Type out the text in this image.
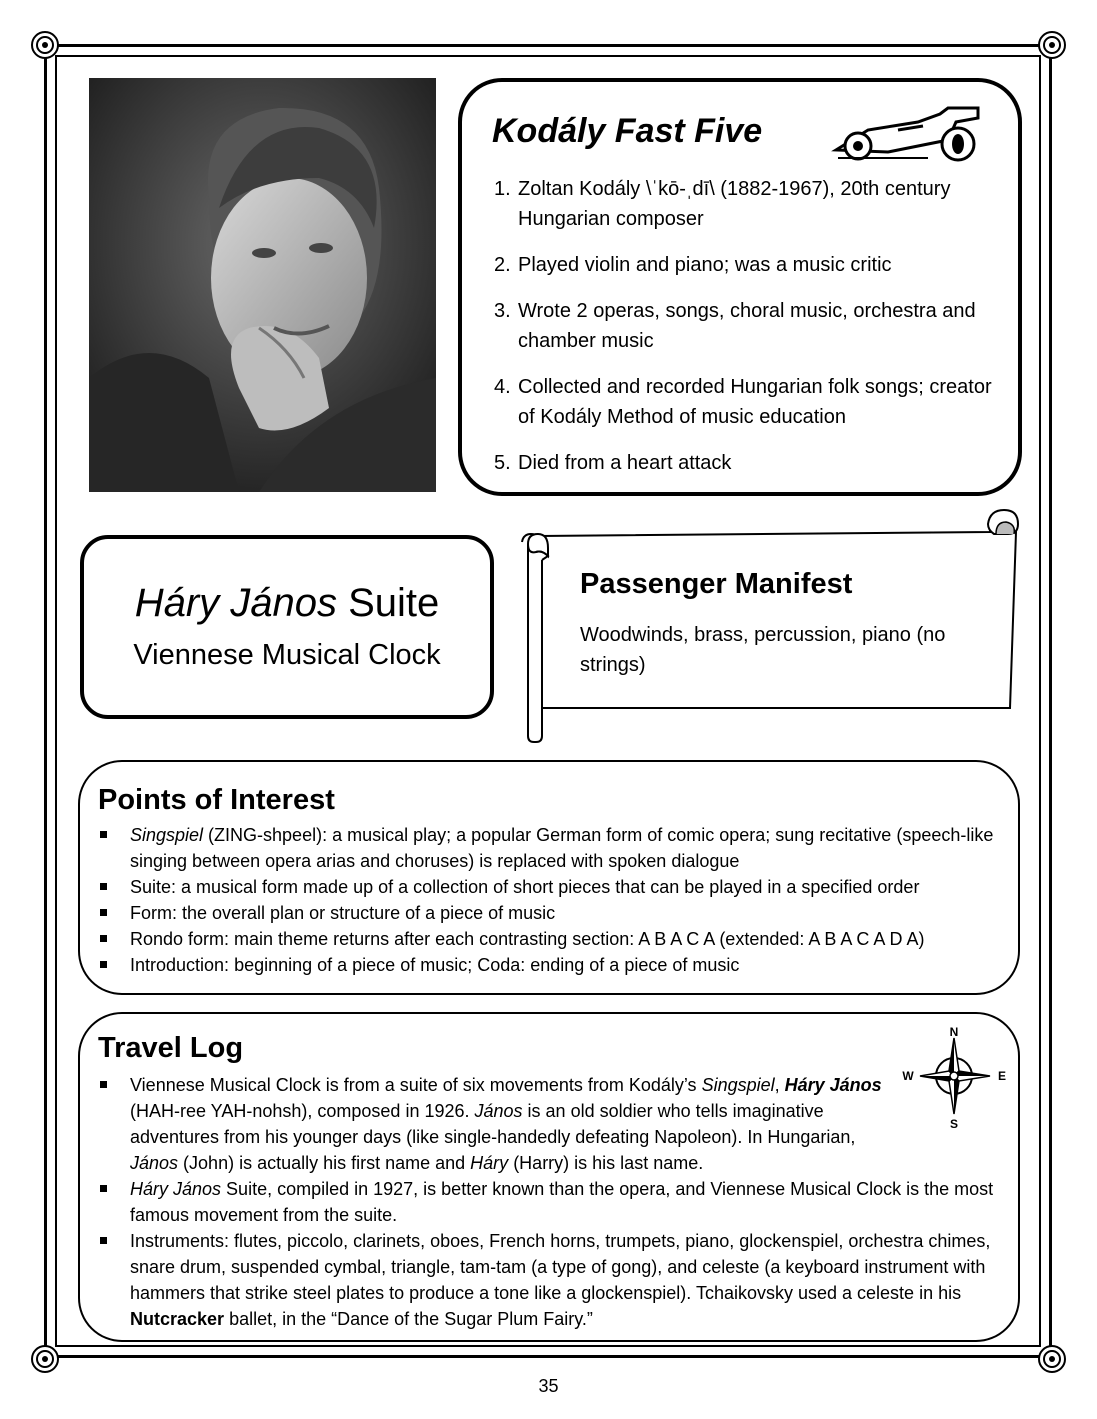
Kodály Fast Five
1. Zoltan Kodály \ˈkō-ˌdī\ (1882-1967), 20th century Hungarian composer
2. Played violin and piano; was a music critic
3. Wrote 2 operas, songs, choral music, orchestra and chamber music
4. Collected and recorded Hungarian folk songs; creator of Kodály Method of music education
5. Died from a heart attack
Háry János Suite
Viennese Musical Clock
Passenger Manifest
Woodwinds, brass, percussion, piano (no strings)
Points of Interest
Singspiel (ZING-shpeel): a musical play; a popular German form of comic opera; sung recitative (speech-like singing between opera arias and choruses) is replaced with spoken dialogue
Suite: a musical form made up of a collection of short pieces that can be played in a specified order
Form: the overall plan or structure of a piece of music
Rondo form: main theme returns after each contrasting section: A B A C A (extended: A B A C A D A)
Introduction: beginning of a piece of music; Coda: ending of a piece of music
Travel Log
Viennese Musical Clock is from a suite of six movements from Kodály’s Singspiel, Háry János (HAH-ree YAH-nohsh), composed in 1926. János is an old soldier who tells imaginative adventures from his younger days (like single-handedly defeating Napoleon). In Hungarian, János (John) is actually his first name and Háry (Harry) is his last name.
Háry János Suite, compiled in 1927, is better known than the opera, and Viennese Musical Clock is the most famous movement from the suite.
Instruments: flutes, piccolo, clarinets, oboes, French horns, trumpets, piano, glockenspiel, orchestra chimes, snare drum, suspended cymbal, triangle, tam-tam (a type of gong), and celeste (a keyboard instrument with hammers that strike steel plates to produce a tone like a glockenspiel). Tchaikovsky used a celeste in his Nutcracker ballet, in the “Dance of the Sugar Plum Fairy.”
N
S
E
W
35
